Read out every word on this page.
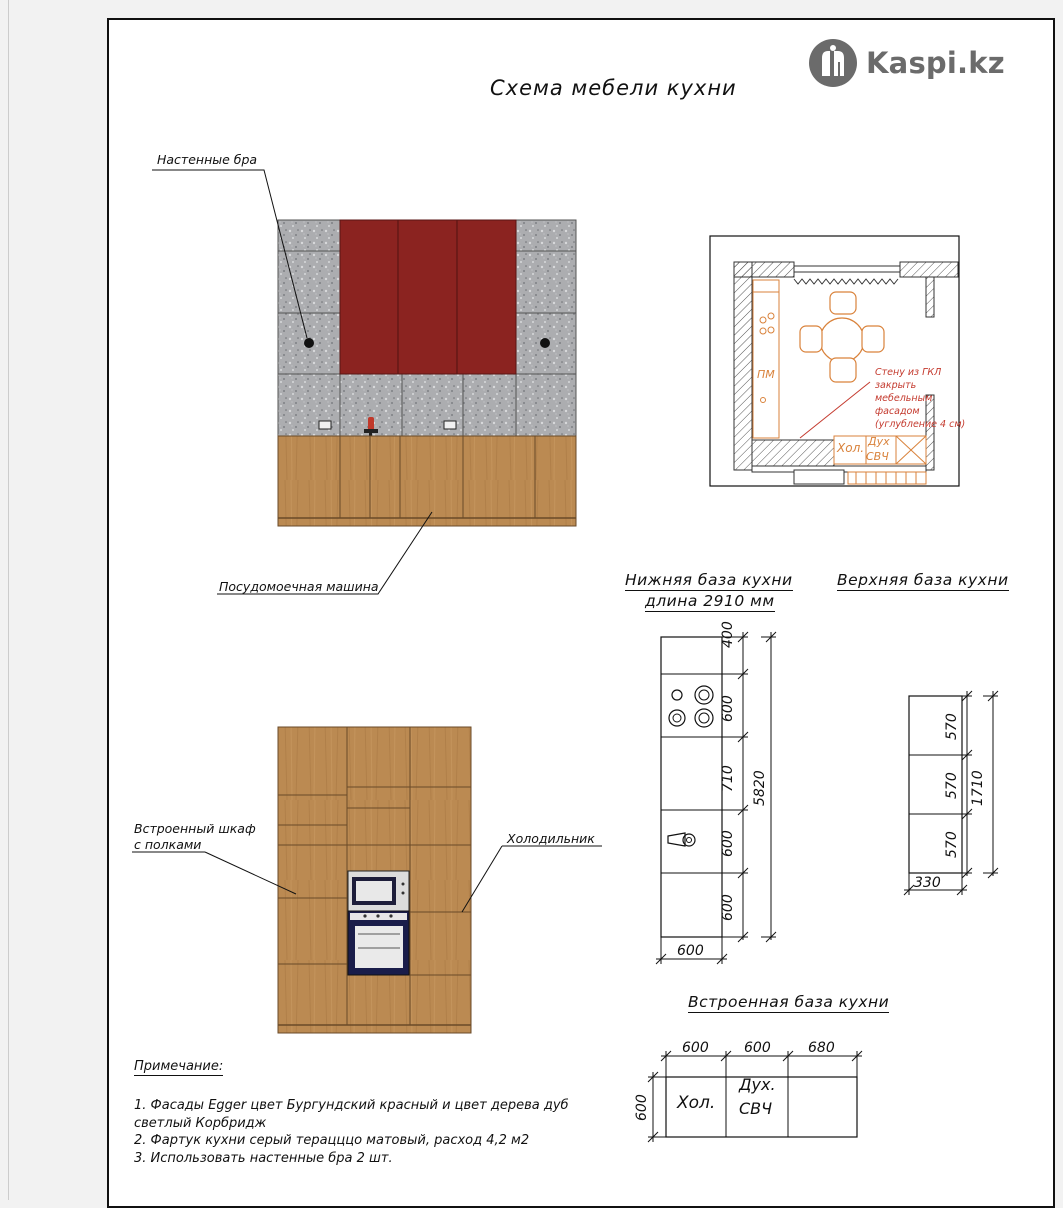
Kaspi.kz
Схема мебели кухни
Настенные бра
Посудомоечная машина
Встроенный шкаф
с полками	Холодильник
Стену из ГКЛ
закрыть
мебельным
фасадом
(углубление 4 см)
ПМ
Хол. Дух
СВЧ
Нижняя база кухни
длина 2910 мм
Верхняя база кухни
400
600
710
600
600
5820
600
570
570
570
1710
330
Встроенная база кухни
600	600	680
600 Хол.
Дух.
СВЧ
Примечание:
1. Фасады Egger цвет Бургундский красный и цвет дерева дуб
светлый Корбридж
2. Фартук кухни серый терацццо матовый, расход 4,2 м2
3. Использовать настенные бра 2 шт.
